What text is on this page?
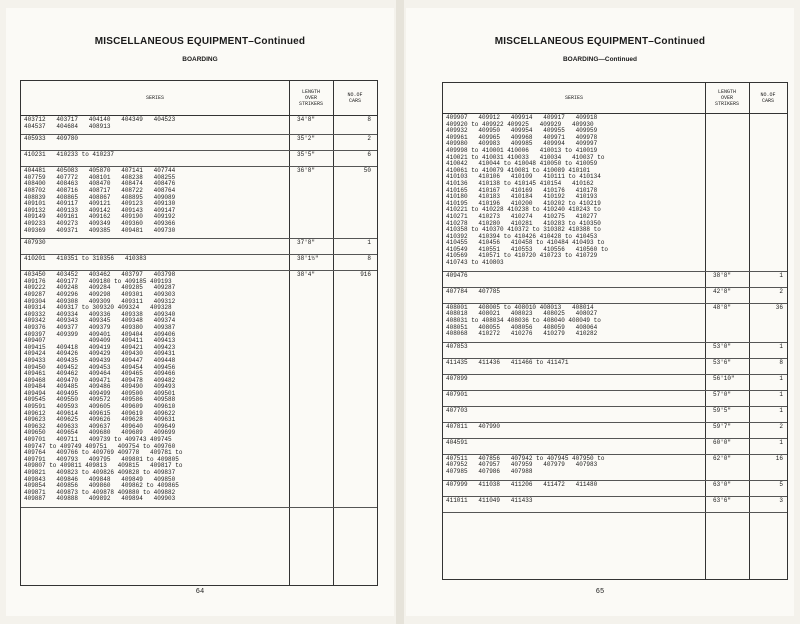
MISCELLANEOUS EQUIPMENT–Continued
BOARDING
SERIES
LENGTH
OVER
STRIKERS
NO.OF
CARS
403712   403717   404140   404349   404523
404537   404684   408913
34'8"	8
405933   409780	35'2"	2
410231   410233 to 410237	35'5"	6
404481   405083   405870   407141   407744
407759   407772   408101   408238   408255
408400   408463   408470   408474   408476
408702   408716   408717   408722   408764
408839   408865   408867   408895   409089
409101   409117   409121   409123   409130
409132   409133   409142   409143   409147
409149   409161   409162   409190   409192
409233   409273   409349   409360   409366
409369   409371   409385   409481   409730
36'8"	50
407930	37'8"	1
410201   410351 to 310356   410383	38'1½"	8
403450   403452   403462   403797   403798
409176   409177   409180 to 409185 409193
409222   409248   409284   409285   409287
409287   409296   409298   409301   409303
409304   409308   409309   409311   409312
409314   409317 to 309320 409324   409328
409332   409334   409336   409338   409340
409342   409343   409345   409348   409374
409376   409377   409379   409380   409387
409397   409399   409401   409404   409406
409407            409409   409411   409413
409415   409418   409419   409421   409423
409424   409426   409429   409430   409431
409433   409435   409439   409447   409448
409450   409452   409453   409454   409456
409461   409462   409464   409465   409466
409468   409470   409471   409478   409482
409484   409485   409486   409490   409493
409494   409495   409499   409500   409501
409545   409550   409572   409586   409588
409591   409593   409605   409609   409610
409612   409614   409615   409619   409622
409623   409625   409626   409628   409631
409632   409633   409637   409640   409649
409650   409654   409680   409689   409699
409701   409711   409739 to 409743 409745
409747 to 409749 409751   409754 to 409760
409764   409766 to 409769 409778   409781 to
409791   409793   409795   409801 to 409805
409807 to 409811 409813   409815   409817 to
409821   409823 to 409826 409828 to 409837
409843   409846   409848   409849   409850
409854   409856   409860   409862 to 409865
409871   409873 to 409878 409880 to 409882
409887   409888   409892   409894   409903
38'4"	916
64
MISCELLANEOUS EQUIPMENT–Continued
BOARDING—Continued
SERIES
LENGTH
OVER
STRIKERS
NO.OF
CARS
409907   409912   409914   409917   409918
409920 to 409922 409925   409929   409930
409932   409950   409954   409955   409959
409961   409965   409968   409971   409978
409980   409983   409985   409994   409997
409998 to 410001 410006   410013 to 410019
410021 to 410031 410033   410034   410037 to
410042   410044 to 410048 410050 to 410059
410061 to 410079 410081 to 410089 410101
410103   410106   410109   410111 to 410134
410136   410138 to 410145 410154   410162
410165   410167   410169   410176   410178
410180   410183   410184   410192   410193
410195   410196   410200   410202 to 410219
410221 to 410228 410238 to 410240 410243 to
410271   410273   410274   410275   410277
410278   410280   410281   410283 to 410350
410358 to 410370 410372 to 310382 410388 to
410392   410394 to 410426 410428 to 410453
410455   410456   410458 to 410484 410493 to
410549   410551   410553   410556   410560 to
410569   410571 to 410720 410723 to 410729
410743 to 410803
409476	38'8"	1
407784   407785	42'8"	2
408001   408005 to 408010 408013   408014
408018   408021   408023   408025   408027
408031 to 408034 408036 to 408040 408049 to
408051   408055   408056   408059   408064
408068   410272   410276   410279   410282
48'8"	36
407853	53'0"	1
411435   411436   411466 to 411471	53'6"	8
407899	56'10"	1
407901	57'0"	1
407703	59'5"	1
407811   407990	59'7"	2
404591	60'0"	1
407511   407856   407942 to 407945 407950 to
407952   407957   407959   407979   407983
407985   407986   407988
62'0"	16
407999   411038   411206   411472   411480	63'0"	5
411011   411049   411433	63'6"	3
65
